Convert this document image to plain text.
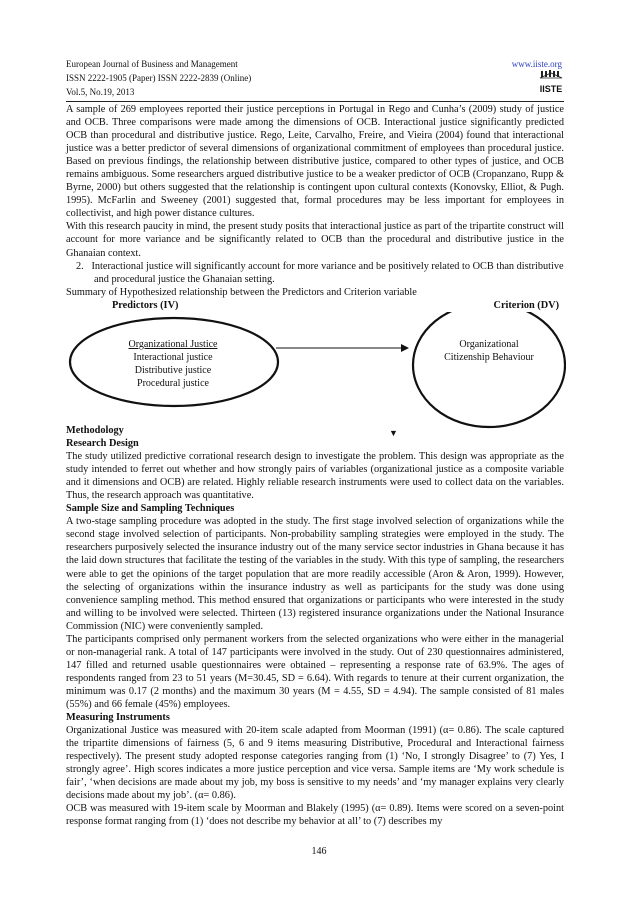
European Journal of Business and Management
ISSN 2222-1905 (Paper) ISSN 2222-2839 (Online)
Vol.5, No.19, 2013
www.iiste.org
IISTE

A sample of 269 employees reported their justice perceptions in Portugal in Rego and Cunha’s (2009) study of justice and OCB. Three comparisons were made among the dimensions of OCB. Interactional justice significantly predicted OCB than procedural and distributive justice. Rego, Leite, Carvalho, Freire, and Vieira (2004) found that interactional justice was a better predictor of several dimensions of organizational commitment of employees than procedural justice. Based on previous findings, the relationship between distributive justice, compared to other types of justice, and OCB remains ambiguous. Some researchers argued distributive justice to be a weaker predictor of OCB (Cropanzano, Rupp & Byrne, 2000) but others suggested that the relationship is contingent upon cultural contexts (Konovsky, Elliot, & Pugh. 1995). McFarlin and Sweeney (2001) suggested that, formal procedures may be less important for employees in collectivist, and high power distance cultures.

With this research paucity in mind, the present study posits that interactional justice as part of the tripartite construct will account for more variance and be significantly related to OCB than the procedural and distributive justice in the Ghanaian context.

2. Interactional justice will significantly account for more variance and be positively related to OCB than distributive and procedural justice the Ghanaian setting.

Summary of Hypothesized relationship between the Predictors and Criterion variable

Predictors (IV)	Criterion (DV)
Organizational Justice
Interactional justice
Distributive justice
Procedural justice
Organizational
Citizenship Behaviour
▼

Methodology

Research Design

The study utilized predictive corrational research design to investigate the problem. This design was appropriate as the study intended to ferret out whether and how strongly pairs of variables (organizational justice as a composite variable and it dimensions and OCB) are related. Highly reliable research instruments were used to collect data on the variables. Thus, the research approach was quantitative.

Sample Size and Sampling Techniques

A two-stage sampling procedure was adopted in the study. The first stage involved selection of organizations while the second stage involved selection of participants. Non-probability sampling strategies were employed in the study. The researchers purposively selected the insurance industry out of the many service sector industries in Ghana because it has the laid down structures that facilitate the testing of the variables in the study. With this type of sampling, the researchers were able to get the opinions of the target population that are more readily accessible (Aron & Aron, 1999). However, the selecting of organizations within the insurance industry as well as participants for the study was done using convenience sampling method. This method ensured that organizations or participants who were interested in the study and willing to be involved were selected. Thirteen (13) registered insurance organizations under the National Insurance Commission (NIC) were conveniently sampled.

The participants comprised only permanent workers from the selected organizations who were either in the managerial or non-managerial rank. A total of 147 participants were involved in the study. Out of 230 questionnaires administered, 147 filled and returned usable questionnaires were obtained – representing a response rate of 63.9%. The ages of respondents ranged from 23 to 51 years (M=30.45, SD = 6.64). With regards to tenure at their current organization, the minimum was 0.17 (2 months) and the maximum 30 years (M = 4.55, SD = 4.94). The sample consisted of 81 males (55%) and 66 female (45%) employees.

Measuring Instruments

Organizational Justice was measured with 20-item scale adapted from Moorman (1991) (α= 0.86). The scale captured the tripartite dimensions of fairness (5, 6 and 9 items measuring Distributive, Procedural and Interactional fairness respectively). The present study adopted response categories ranging from (1) ‘No, I strongly Disagree’ to (7) Yes, I strongly agree’. High scores indicates a more justice perception and vice versa. Sample items are ‘My work schedule is fair’, ‘when decisions are made about my job, my boss is sensitive to my needs’ and ‘my manager explains very clearly decisions made about my job’. (α= 0.86).

OCB was measured with 19-item scale by Moorman and Blakely (1995) (α= 0.89). Items were scored on a seven-point response format ranging from (1) ‘does not describe my behavior at all’ to (7) describes my

146
